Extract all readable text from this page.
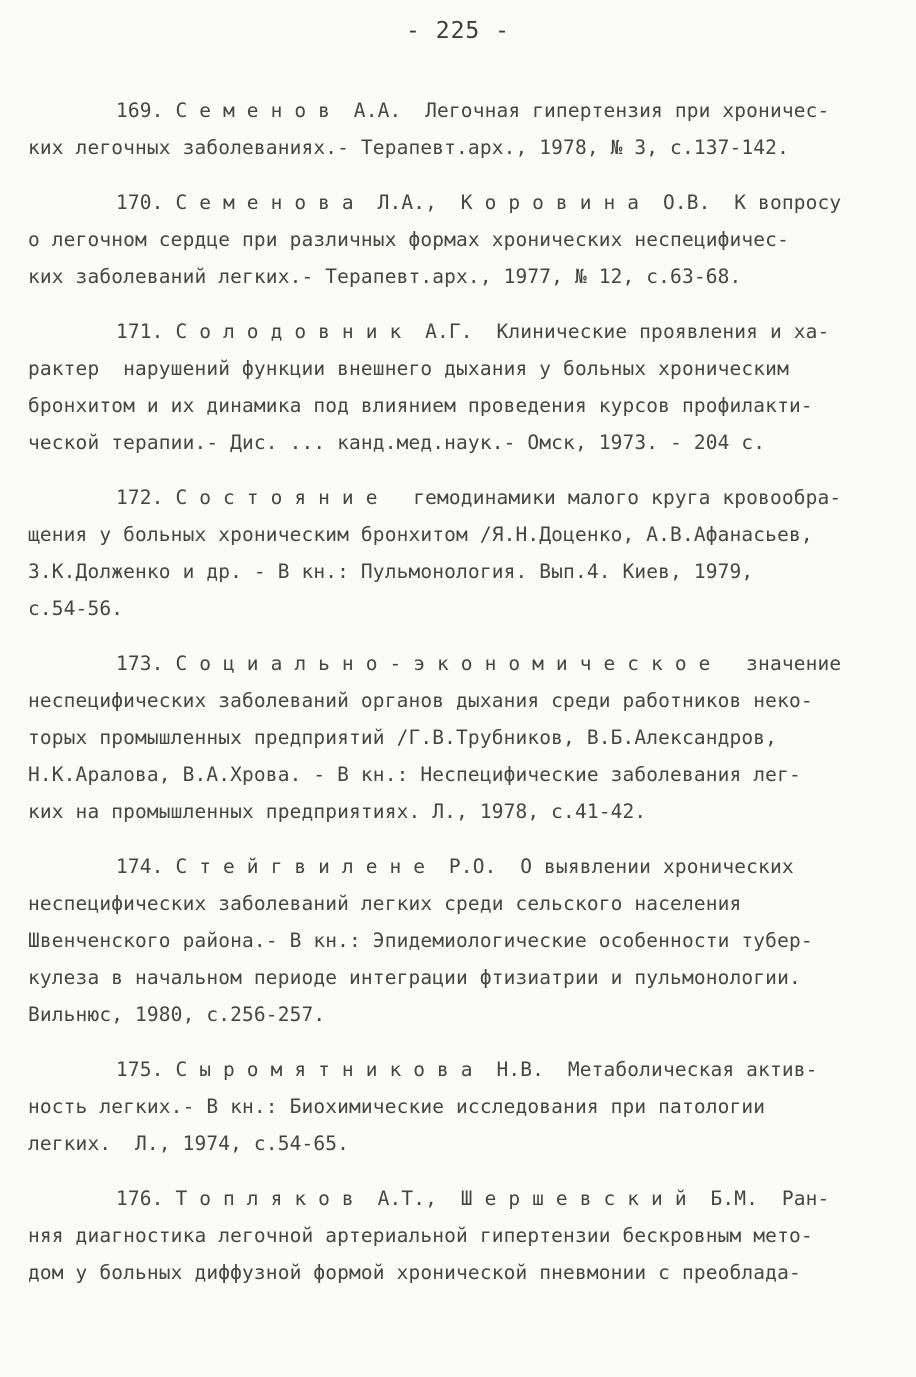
- 225 -
169. С е м е н о в  А.А.  Легочная гипертензия при хроничес-
ких легочных заболеваниях.- Терапевт.арх., 1978, № 3, с.137-142.
170. С е м е н о в а  Л.А.,  К о р о в и н а  О.В.  К вопросу
о легочном сердце при различных формах хронических неспецифичес-
ких заболеваний легких.- Терапевт.арх., 1977, № 12, с.63-68.
171. С о л о д о в н и к  А.Г.  Клинические проявления и ха-
рактер  нарушений функции внешнего дыхания у больных хроническим
бронхитом и их динамика под влиянием проведения курсов профилакти-
ческой терапии.- Дис. ... канд.мед.наук.- Омск, 1973. - 204 с.
172. С о с т о я н и е   гемодинамики малого круга кровообра-
щения у больных хроническим бронхитом /Я.Н.Доценко, А.В.Афанасьев,
З.К.Долженко и др. - В кн.: Пульмонология. Вып.4. Киев, 1979,
с.54-56.
173. С о ц и а л ь н о - э к о н о м и ч е с к о е   значение
неспецифических заболеваний органов дыхания среди работников неко-
торых промышленных предприятий /Г.В.Трубников, В.Б.Александров,
Н.К.Аралова, В.А.Хрова. - В кн.: Неспецифические заболевания лег-
ких на промышленных предприятиях. Л., 1978, с.41-42.
174. С т е й г в и л е н е  Р.О.  О выявлении хронических
неспецифических заболеваний легких среди сельского населения
Швенченского района.- В кн.: Эпидемиологические особенности тубер-
кулеза в начальном периоде интеграции фтизиатрии и пульмонологии.
Вильнюс, 1980, с.256-257.
175. С ы р о м я т н и к о в а  Н.В.  Метаболическая актив-
ность легких.- В кн.: Биохимические исследования при патологии
легких.  Л., 1974, с.54-65.
176. Т о п л я к о в  А.Т.,  Ш е р ш е в с к и й  Б.М.  Ран-
няя диагностика легочной артериальной гипертензии бескровным мето-
дом у больных диффузной формой хронической пневмонии с преоблада-
